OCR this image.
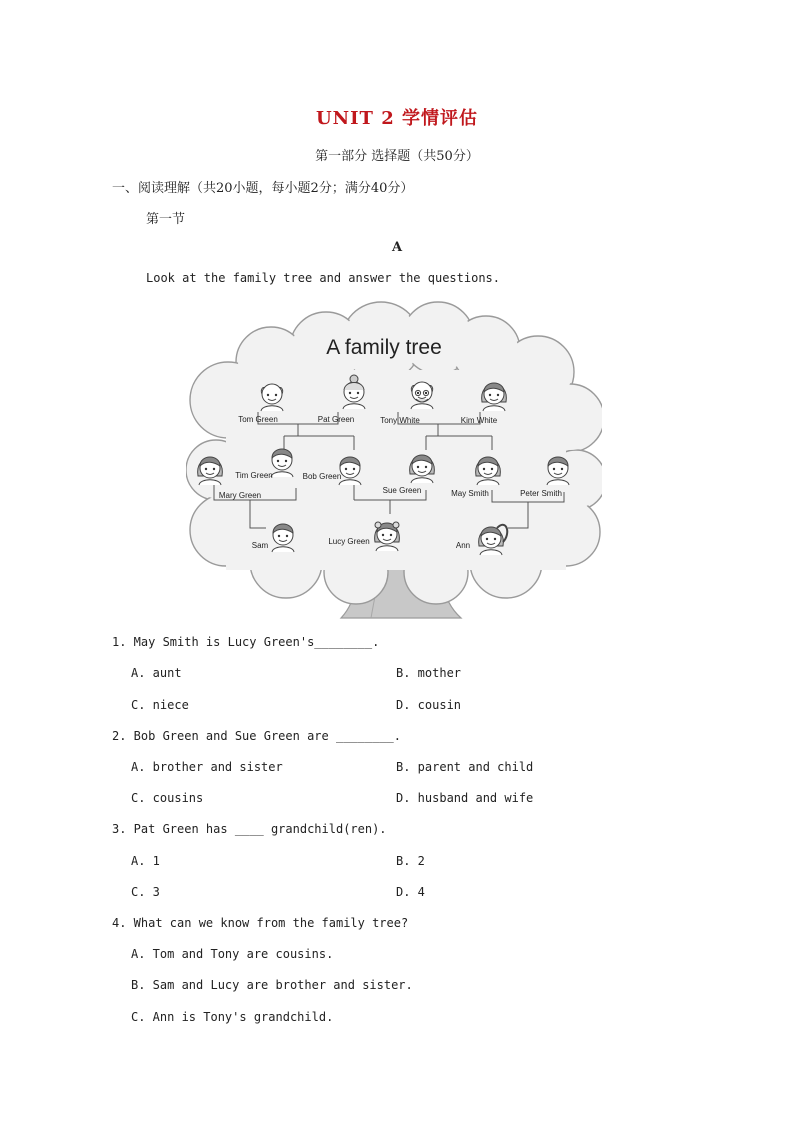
UNIT 2 学情评估
第一部分 选择题（共50分）
一、阅读理解（共20小题，每小题2分；满分40分）
第一节
A
Look at the family tree and answer the questions.
A family tree
Tom Green	Pat Green	Tony White	Kim White
Tim Green	Bob Green
Mary Green
Sue Green	May Smith	Peter Smith
Sam	Lucy Green	Ann
1. May Smith is Lucy Green's________.
A. aunt	B. mother
C. niece	D. cousin
2. Bob Green and Sue Green are ________.
A. brother and sister	B. parent and child
C. cousins	D. husband and wife
3. Pat Green has ____ grandchild(ren).
A. 1	B. 2
C. 3	D. 4
4. What can we know from the family tree?
A. Tom and Tony are cousins.
B. Sam and Lucy are brother and sister.
C. Ann is Tony's grandchild.
